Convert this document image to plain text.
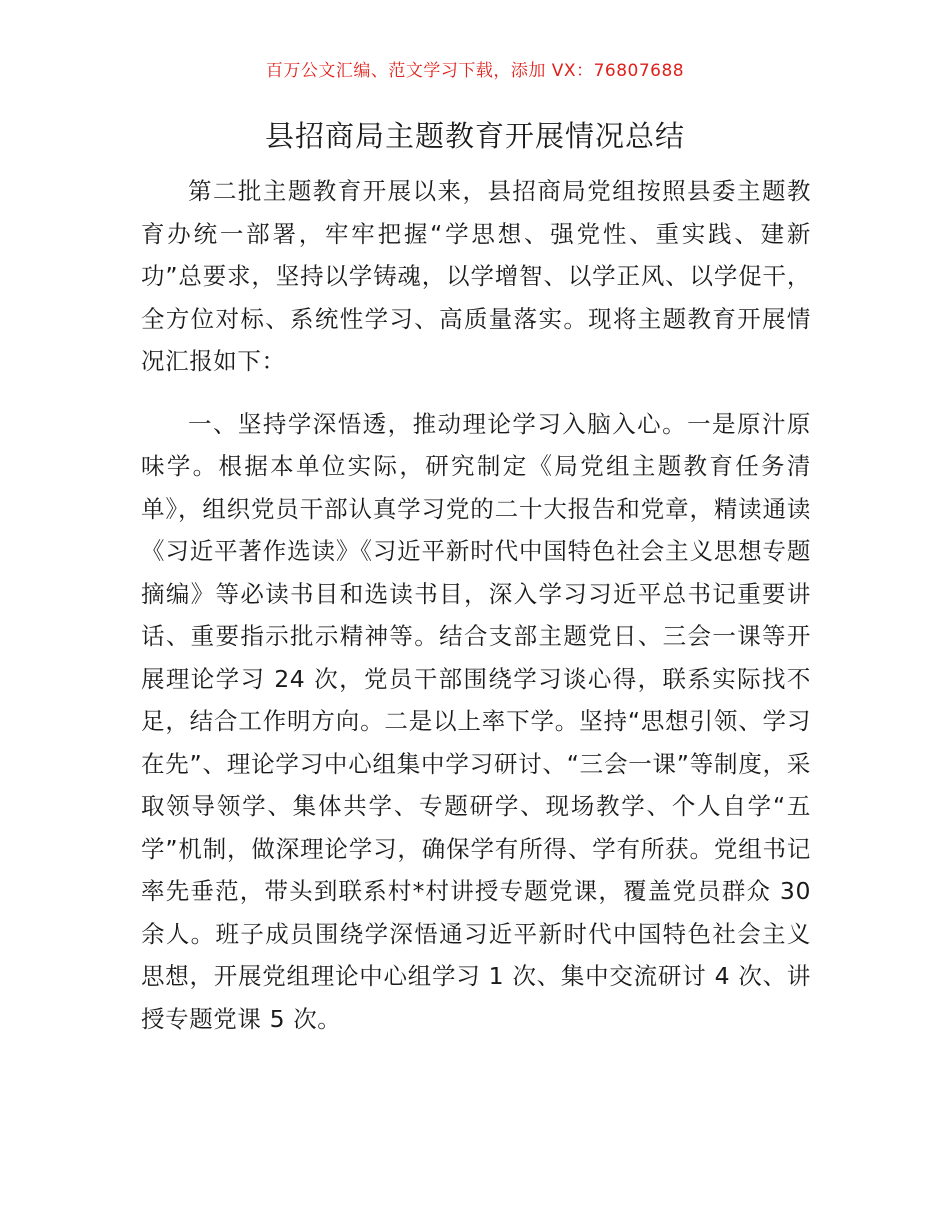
百万公文汇编、范文学习下载，添加 VX：76807688
县招商局主题教育开展情况总结

第二批主题教育开展以来，县招商局党组按照县委主题教育办统一部署，牢牢把握“学思想、强党性、重实践、建新功”总要求，坚持以学铸魂，以学增智、以学正风、以学促干，全方位对标、系统性学习、高质量落实。现将主题教育开展情况汇报如下：

一、坚持学深悟透，推动理论学习入脑入心。一是原汁原味学。根据本单位实际，研究制定《局党组主题教育任务清单》，组织党员干部认真学习党的二十大报告和党章，精读通读《习近平著作选读》《习近平新时代中国特色社会主义思想专题摘编》等必读书目和选读书目，深入学习习近平总书记重要讲话、重要指示批示精神等。结合支部主题党日、三会一课等开展理论学习 24 次，党员干部围绕学习谈心得，联系实际找不足，结合工作明方向。二是以上率下学。坚持“思想引领、学习在先”、理论学习中心组集中学习研讨、“三会一课”等制度，采取领导领学、集体共学、专题研学、现场教学、个人自学“五学”机制，做深理论学习，确保学有所得、学有所获。党组书记率先垂范，带头到联系村*村讲授专题党课，覆盖党员群众 30 余人。班子成员围绕学深悟通习近平新时代中国特色社会主义思想，开展党组理论中心组学习 1 次、集中交流研讨 4 次、讲授专题党课 5 次。
